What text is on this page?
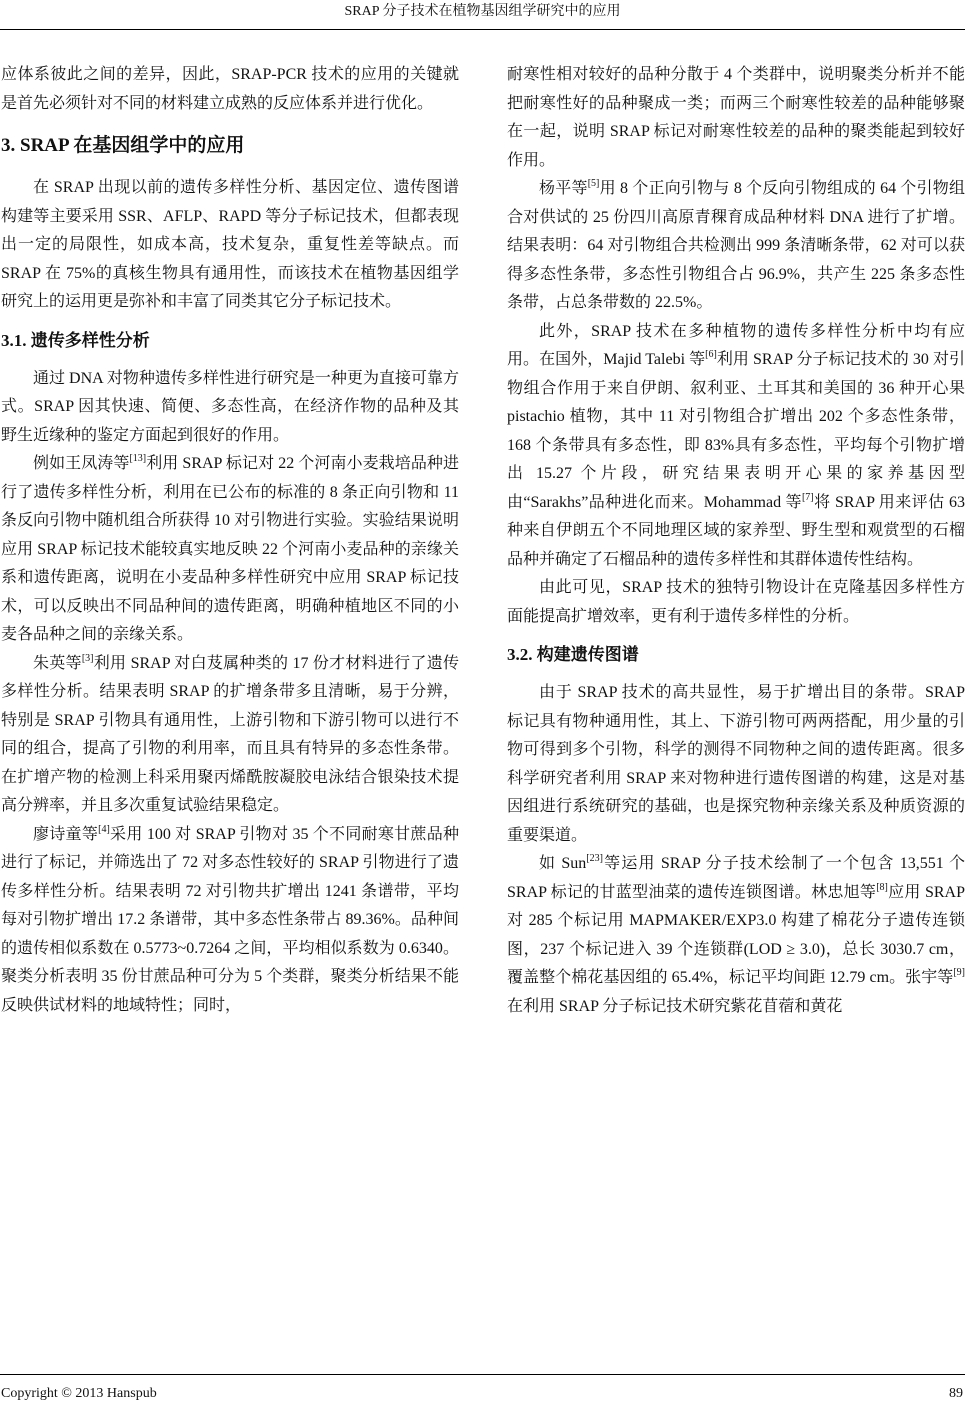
SRAP 分子技术在植物基因组学研究中的应用

应体系彼此之间的差异，因此，SRAP-PCR 技术的应用的关键就是首先必须针对不同的材料建立成熟的反应体系并进行优化。

3. SRAP 在基因组学中的应用

在 SRAP 出现以前的遗传多样性分析、基因定位、遗传图谱构建等主要采用 SSR、AFLP、RAPD 等分子标记技术，但都表现出一定的局限性，如成本高，技术复杂，重复性差等缺点。而 SRAP 在 75%的真核生物具有通用性，而该技术在植物基因组学研究上的运用更是弥补和丰富了同类其它分子标记技术。

3.1. 遗传多样性分析

通过 DNA 对物种遗传多样性进行研究是一种更为直接可靠方式。SRAP 因其快速、简便、多态性高，在经济作物的品种及其野生近缘种的鉴定方面起到很好的作用。

例如王凤涛等[13]利用 SRAP 标记对 22 个河南小麦栽培品种进行了遗传多样性分析，利用在已公布的标准的 8 条正向引物和 11 条反向引物中随机组合所获得 10 对引物进行实验。实验结果说明应用 SRAP 标记技术能较真实地反映 22 个河南小麦品种的亲缘关系和遗传距离，说明在小麦品种多样性研究中应用 SRAP 标记技术，可以反映出不同品种间的遗传距离，明确种植地区不同的小麦各品种之间的亲缘关系。

朱英等[3]利用 SRAP 对白芨属种类的 17 份才材料进行了遗传多样性分析。结果表明 SRAP 的扩增条带多且清晰，易于分辨，特别是 SRAP 引物具有通用性，上游引物和下游引物可以进行不同的组合，提高了引物的利用率，而且具有特异的多态性条带。在扩增产物的检测上科采用聚丙烯酰胺凝胶电泳结合银染技术提高分辨率，并且多次重复试验结果稳定。

廖诗童等[4]采用 100 对 SRAP 引物对 35 个不同耐寒甘蔗品种进行了标记，并筛选出了 72 对多态性较好的 SRAP 引物进行了遗传多样性分析。结果表明 72 对引物共扩增出 1241 条谱带，平均每对引物扩增出 17.2 条谱带，其中多态性条带占 89.36%。品种间的遗传相似系数在 0.5773~0.7264 之间，平均相似系数为 0.6340。聚类分析表明 35 份甘蔗品种可分为 5 个类群，聚类分析结果不能反映供试材料的地域特性；同时，

耐寒性相对较好的品种分散于 4 个类群中，说明聚类分析并不能把耐寒性好的品种聚成一类；而两三个耐寒性较差的品种能够聚在一起，说明 SRAP 标记对耐寒性较差的品种的聚类能起到较好作用。

杨平等[5]用 8 个正向引物与 8 个反向引物组成的 64 个引物组合对供试的 25 份四川高原青稞育成品种材料 DNA 进行了扩增。结果表明：64 对引物组合共检测出 999 条清晰条带，62 对可以获得多态性条带，多态性引物组合占 96.9%，共产生 225 条多态性条带，占总条带数的 22.5%。

此外，SRAP 技术在多种植物的遗传多样性分析中均有应用。在国外，Majid Talebi 等[6]利用 SRAP 分子标记技术的 30 对引物组合作用于来自伊朗、叙利亚、土耳其和美国的 36 种开心果 pistachio 植物，其中 11 对引物组合扩增出 202 个多态性条带，168 个条带具有多态性，即 83%具有多态性，平均每个引物扩增出 15.27 个片段，研究结果表明开心果的家养基因型由“Sarakhs”品种进化而来。Mohammad 等[7]将 SRAP 用来评估 63 种来自伊朗五个不同地理区域的家养型、野生型和观赏型的石榴品种并确定了石榴品种的遗传多样性和其群体遗传性结构。

由此可见，SRAP 技术的独特引物设计在克隆基因多样性方面能提高扩增效率，更有利于遗传多样性的分析。

3.2. 构建遗传图谱

由于 SRAP 技术的高共显性，易于扩增出目的条带。SRAP 标记具有物种通用性，其上、下游引物可两两搭配，用少量的引物可得到多个引物，科学的测得不同物种之间的遗传距离。很多科学研究者利用 SRAP 来对物种进行遗传图谱的构建，这是对基因组进行系统研究的基础，也是探究物种亲缘关系及种质资源的重要渠道。

如 Sun[23]等运用 SRAP 分子技术绘制了一个包含 13,551 个 SRAP 标记的甘蓝型油菜的遗传连锁图谱。林忠旭等[8]应用 SRAP 对 285 个标记用 MAPMAKER/EXP3.0 构建了棉花分子遗传连锁图，237 个标记进入 39 个连锁群(LOD ≥ 3.0)，总长 3030.7 cm，覆盖整个棉花基因组的 65.4%，标记平均间距 12.79 cm。张宇等[9]在利用 SRAP 分子标记技术研究紫花苜蓿和黄花

Copyright © 2013 Hanspub	89
